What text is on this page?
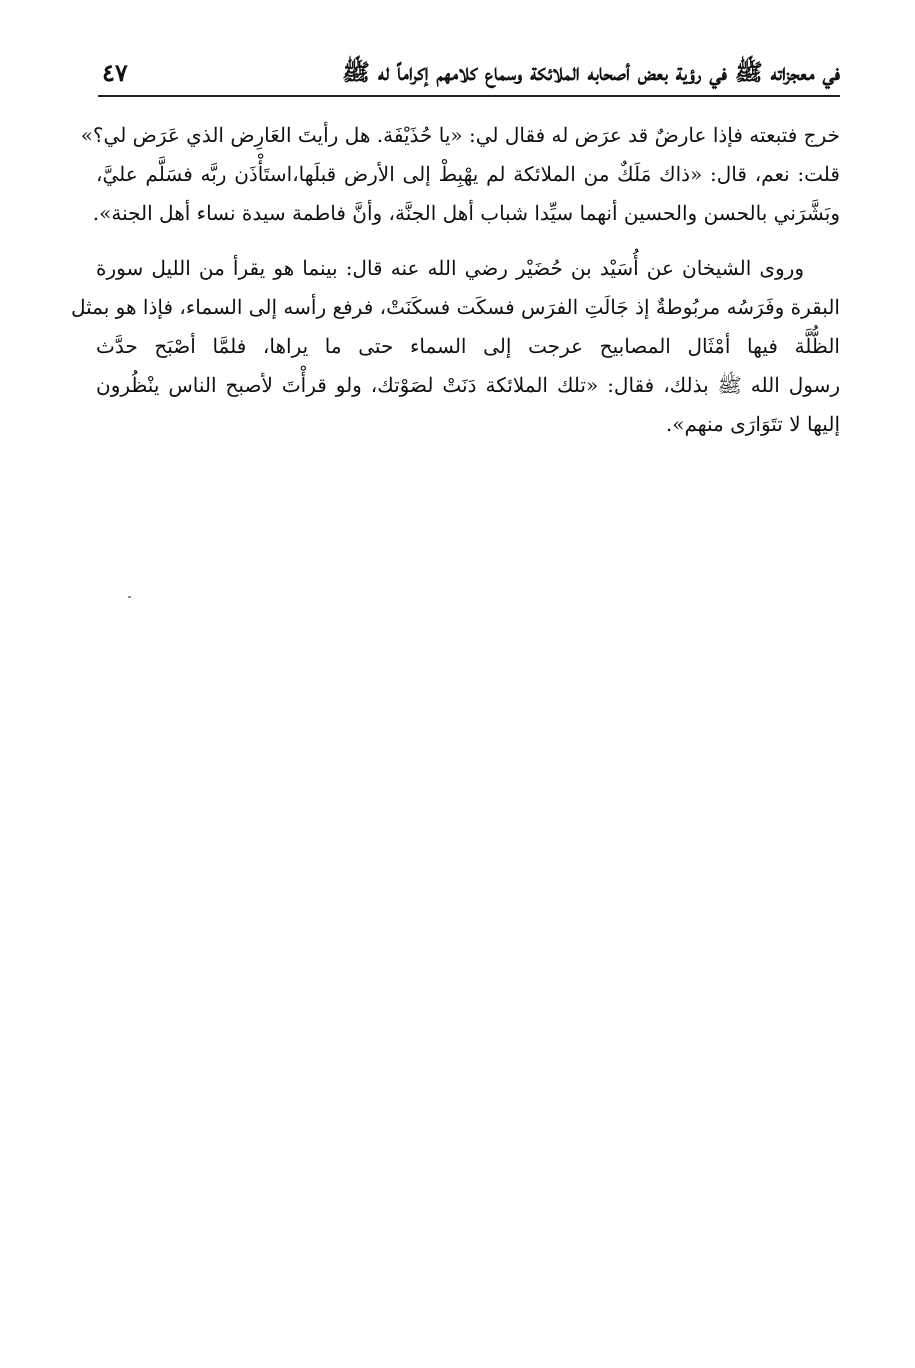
في معجزاته ﷺ في رؤية بعض أصحابه الملائكة وسماع كلامهم إكراماً له ﷺ
٤٧
خرج فتبعته فإذا عارضٌ قد عرَض له فقال لي: «يا حُذَيْفَة. هل رأيتَ العَارِض الذي عَرَض لي؟»
قلت: نعم، قال: «ذاك مَلَكٌ من الملائكة لم يهْبِطْ إلى الأرض قبلَها،استَأْذَن ربَّه فسَلَّم عليَّ،
وبَشَّرَني بالحسن والحسين أنهما سيِّدا شباب أهل الجنَّة، وأنَّ فاطمة سيدة نساء أهل الجنة».
وروى الشيخان عن أُسَيْد بن حُضَيْر رضي الله عنه قال: بينما هو يقرأ من الليل سورة
البقرة وفَرَسُه مربُوطةٌ إذ جَالَتِ الفرَس فسكَت فسكَنَتْ، فرفع رأسه إلى السماء، فإذا هو بمثل
الظُّلَّة فيها أمْثَال المصابيح عرجت إلى السماء حتى ما يراها، فلمَّا أصْبَح حدَّث
رسول الله ﷺ بذلك، فقال: «تلك الملائكة دَنَتْ لصَوْتك، ولو قرأْتَ لأصبح الناس ينْظُرون
إليها لا تتَوَارَى منهم».
